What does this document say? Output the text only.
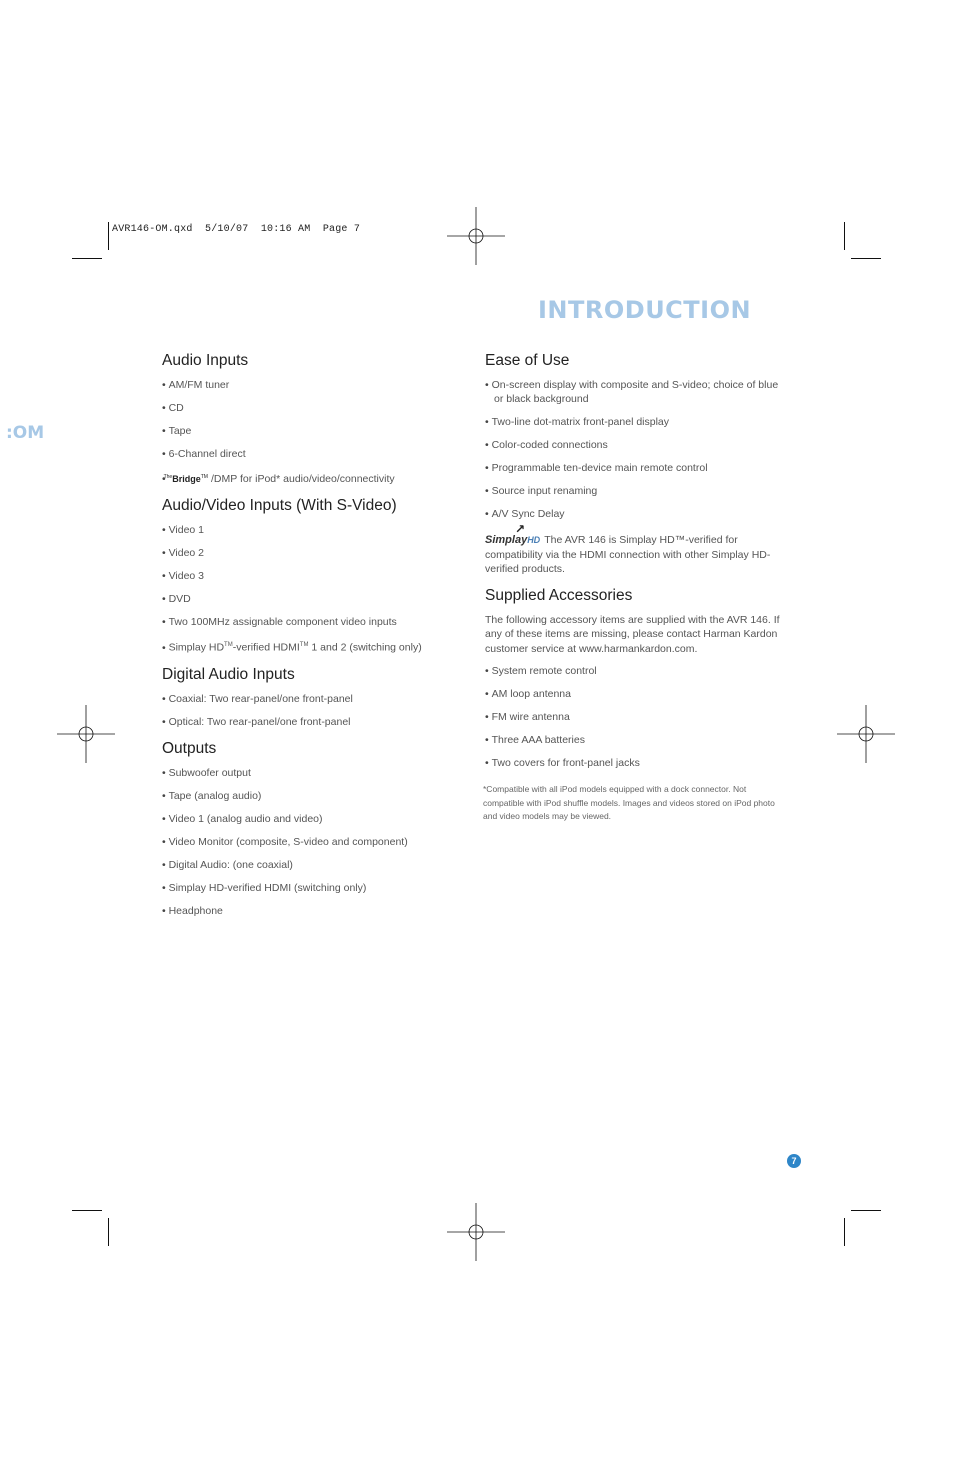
AVR146-OM.qxd  5/10/07  10:16 AM  Page 7
INTRODUCTION
:OM
Audio Inputs
• AM/FM tuner
• CD
• Tape
• 6-Channel direct
• $^{The}$Bridge™ /DMP for iPod* audio/video/connectivity
Audio/Video Inputs (With S-Video)
• Video 1
• Video 2
• Video 3
• DVD
• Two 100MHz assignable component video inputs
• Simplay HD™-verified HDMI™ 1 and 2 (switching only)
Digital Audio Inputs
• Coaxial: Two rear-panel/one front-panel
• Optical: Two rear-panel/one front-panel
Outputs
• Subwoofer output
• Tape (analog audio)
• Video 1 (analog audio and video)
• Video Monitor (composite, S-video and component)
• Digital Audio: (one coaxial)
• Simplay HD-verified HDMI (switching only)
• Headphone
Ease of Use
• On-screen display with composite and S-video; choice of blue or black background
• Two-line dot-matrix front-panel display
• Color-coded connections
• Programmable ten-device main remote control
• Source input renaming
• A/V Sync Delay

↗
SimplayHD The AVR 146 is Simplay HD™-verified for compatibility via the HDMI connection with other Simplay HD-verified products.

Supplied Accessories

The following accessory items are supplied with the AVR 146. If any of these items are missing, please contact Harman Kardon customer service at www.harmankardon.com.

• System remote control
• AM loop antenna
• FM wire antenna
• Three AAA batteries
• Two covers for front-panel jacks
*Compatible with all iPod models equipped with a dock connector. Not compatible with iPod shuffle models. Images and videos stored on iPod photo and video models may be viewed.
7
